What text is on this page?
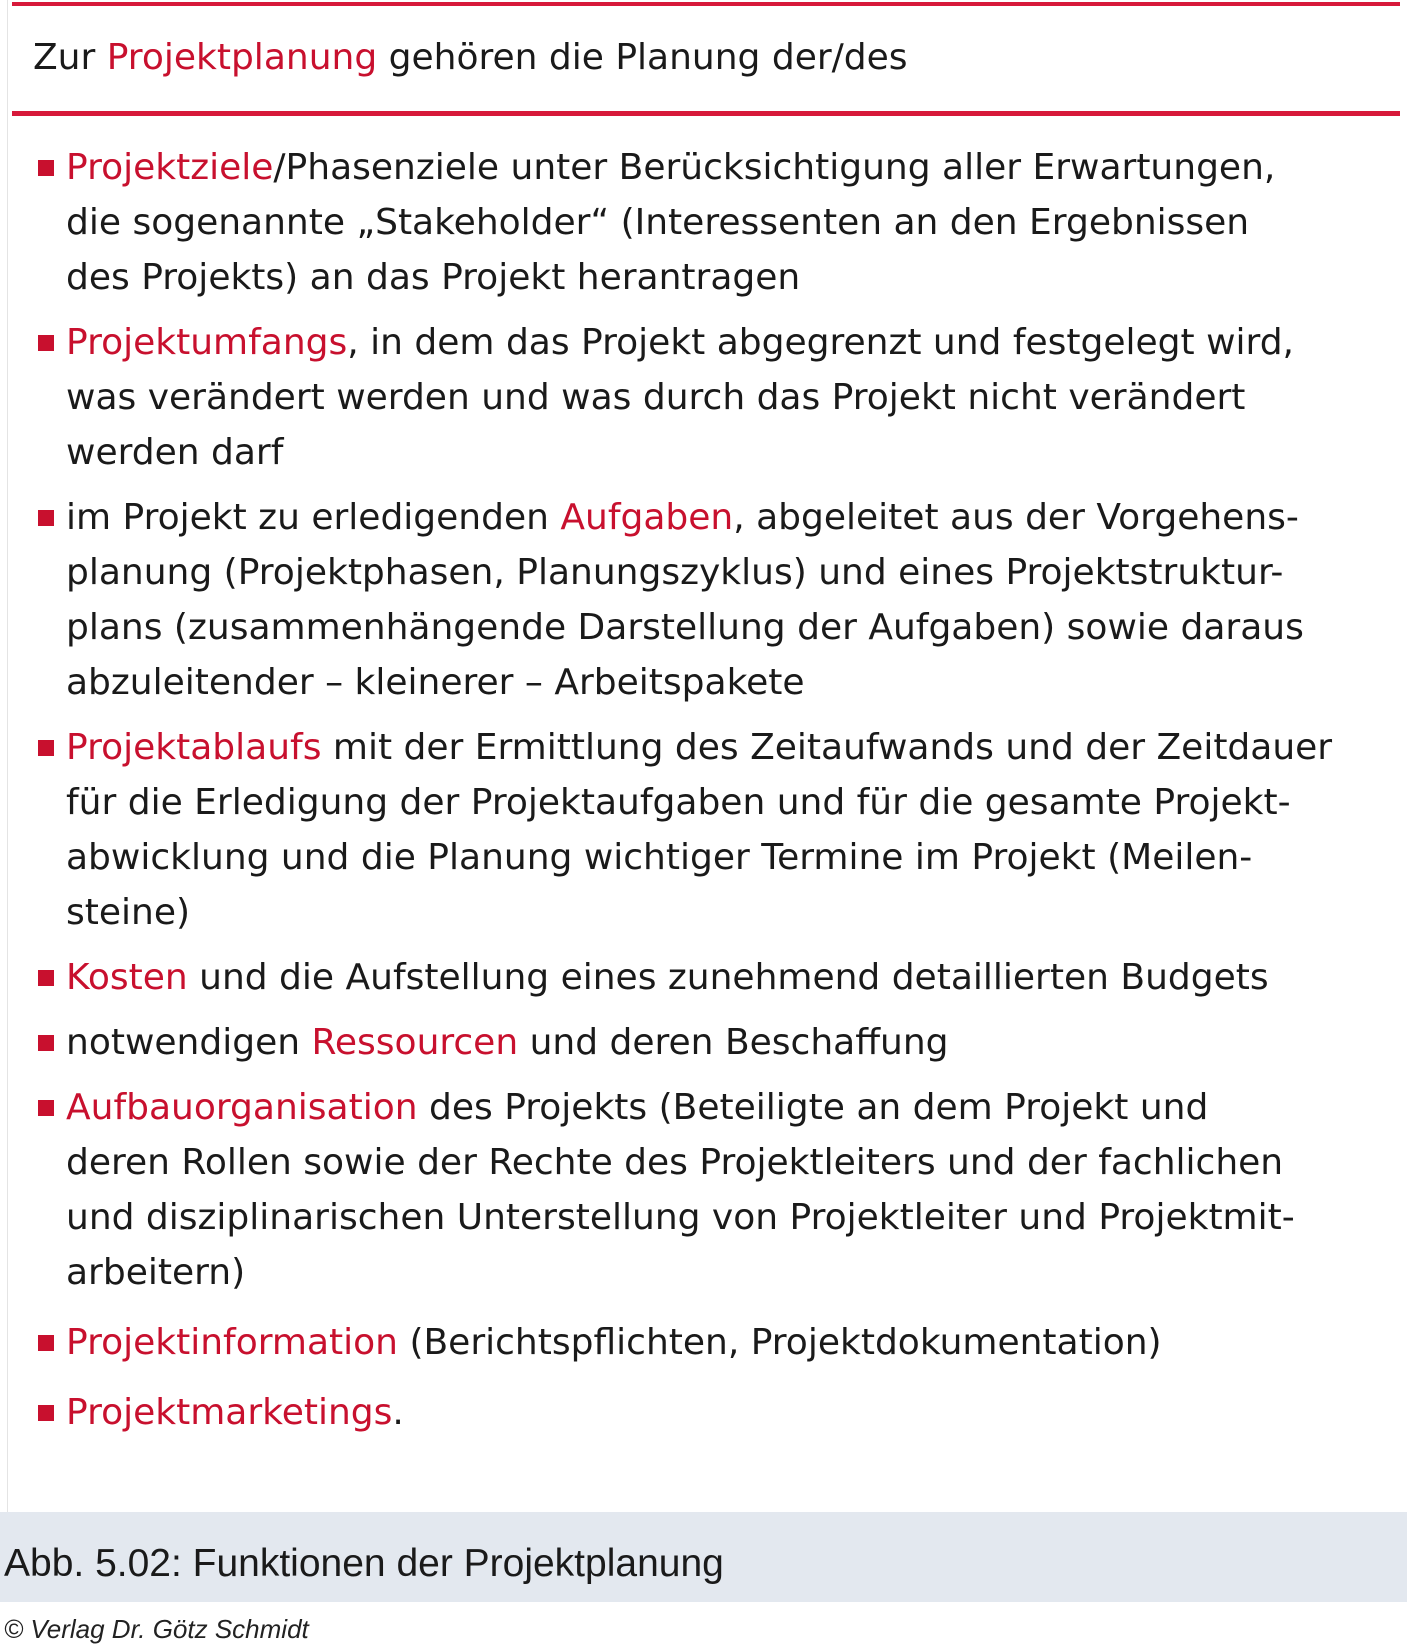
Zur Projektplanung gehören die Planung der/des
Projektziele/Phasenziele unter Berücksichtigung aller Erwartungen,
die sogenannte „Stakeholder“ (Interessenten an den Ergebnissen
des Projekts) an das Projekt herantragen
Projektumfangs, in dem das Projekt abgegrenzt und festgelegt wird,
was verändert werden und was durch das Projekt nicht verändert
werden darf
im Projekt zu erledigenden Aufgaben, abgeleitet aus der Vorgehens-
planung (Projektphasen, Planungszyklus) und eines Projektstruktur-
plans (zusammenhängende Darstellung der Aufgaben) sowie daraus
abzuleitender – kleinerer – Arbeitspakete
Projektablaufs mit der Ermittlung des Zeitaufwands und der Zeitdauer
für die Erledigung der Projektaufgaben und für die gesamte Projekt-
abwicklung und die Planung wichtiger Termine im Projekt (Meilen-
steine)
Kosten und die Aufstellung eines zunehmend detaillierten Budgets
notwendigen Ressourcen und deren Beschaffung
Aufbauorganisation des Projekts (Beteiligte an dem Projekt und
deren Rollen sowie der Rechte des Projektleiters und der fachlichen
und disziplinarischen Unterstellung von Projektleiter und Projektmit-
arbeitern)
Projektinformation (Berichtspflichten, Projektdokumentation)
Projektmarketings.

Abb. 5.02: Funktionen der Projektplanung

© Verlag Dr. Götz Schmidt
